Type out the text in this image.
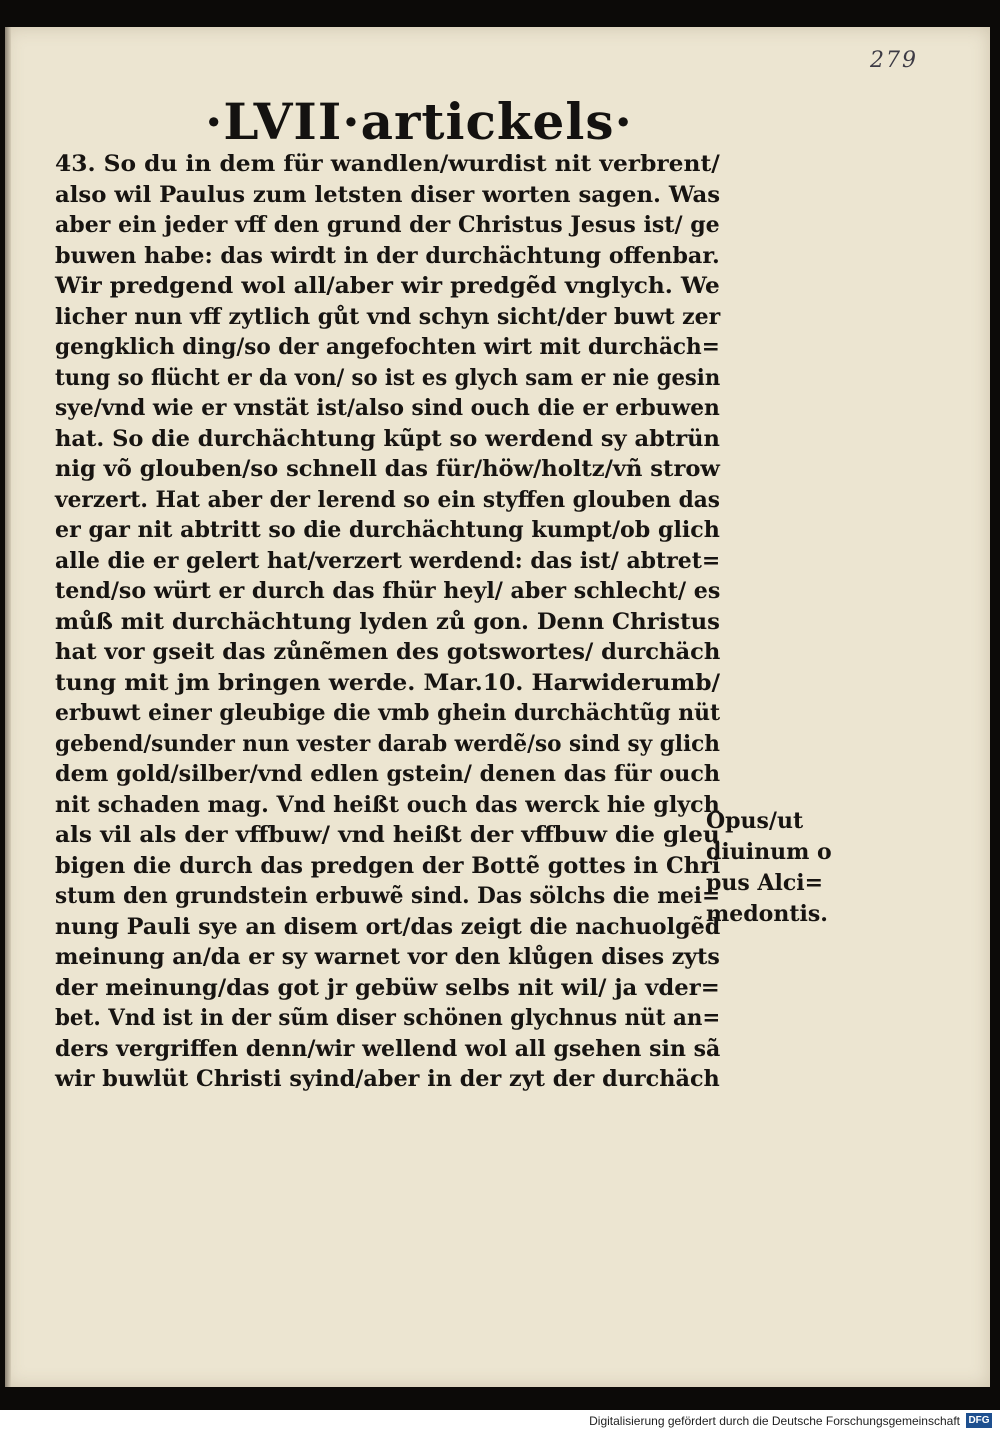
279
·LVII·artickels·
43. So du in dem für wandlen/wurdist nit verbrent/
also wil Paulus zum letsten diser worten sagen. Was
aber ein jeder vff den grund der Christus Jesus ist/ ge
buwen habe: das wirdt in der durchächtung offenbar.
Wir predgend wol all/aber wir predgẽd vnglych. We
licher nun vff zytlich gůt vnd schyn sicht/der buwt zer
gengklich ding/so der angefochten wirt mit durchäch=
tung so flücht er da von/ so ist es glych sam er nie gesin
sye/vnd wie er vnstät ist/also sind ouch die er erbuwen
hat. So die durchächtung kũpt so werdend sy abtrün
nig võ glouben/so schnell das für/höw/holtz/vñ strow
verzert. Hat aber der lerend so ein styffen glouben das
er gar nit abtritt so die durchächtung kumpt/ob glich
alle die er gelert hat/verzert werdend: das ist/ abtret=
tend/so würt er durch das fhür heyl/ aber schlecht/ es
můß mit durchächtung lyden zů gon. Denn Christus
hat vor gseit das zůnẽmen des gotswortes/ durchäch
tung mit jm bringen werde. Mar.10. Harwiderumb/
erbuwt einer gleubige die vmb ghein durchächtũg nüt
gebend/sunder nun vester darab werdẽ/so sind sy glich
dem gold/silber/vnd edlen gstein/ denen das für ouch
nit schaden mag. Vnd heißt ouch das werck hie glych
als vil als der vffbuw/ vnd heißt der vffbuw die gleu
bigen die durch das predgen der Bottẽ gottes in Chri
stum den grundstein erbuwẽ sind. Das sölchs die mei=
nung Pauli sye an disem ort/das zeigt die nachuolgẽd
meinung an/da er sy warnet vor den klůgen dises zyts
der meinung/das got jr gebüw selbs nit wil/ ja vder=
bet. Vnd ist in der sũm diser schönen glychnus nüt an=
ders vergriffen denn/wir wellend wol all gsehen sin sã
wir buwlüt Christi syind/aber in der zyt der durchäch
Opus/ut
diuinum o
pus Alci=
medontis.
Digitalisierung gefördert durch die Deutsche Forschungsgemeinschaft DFG
